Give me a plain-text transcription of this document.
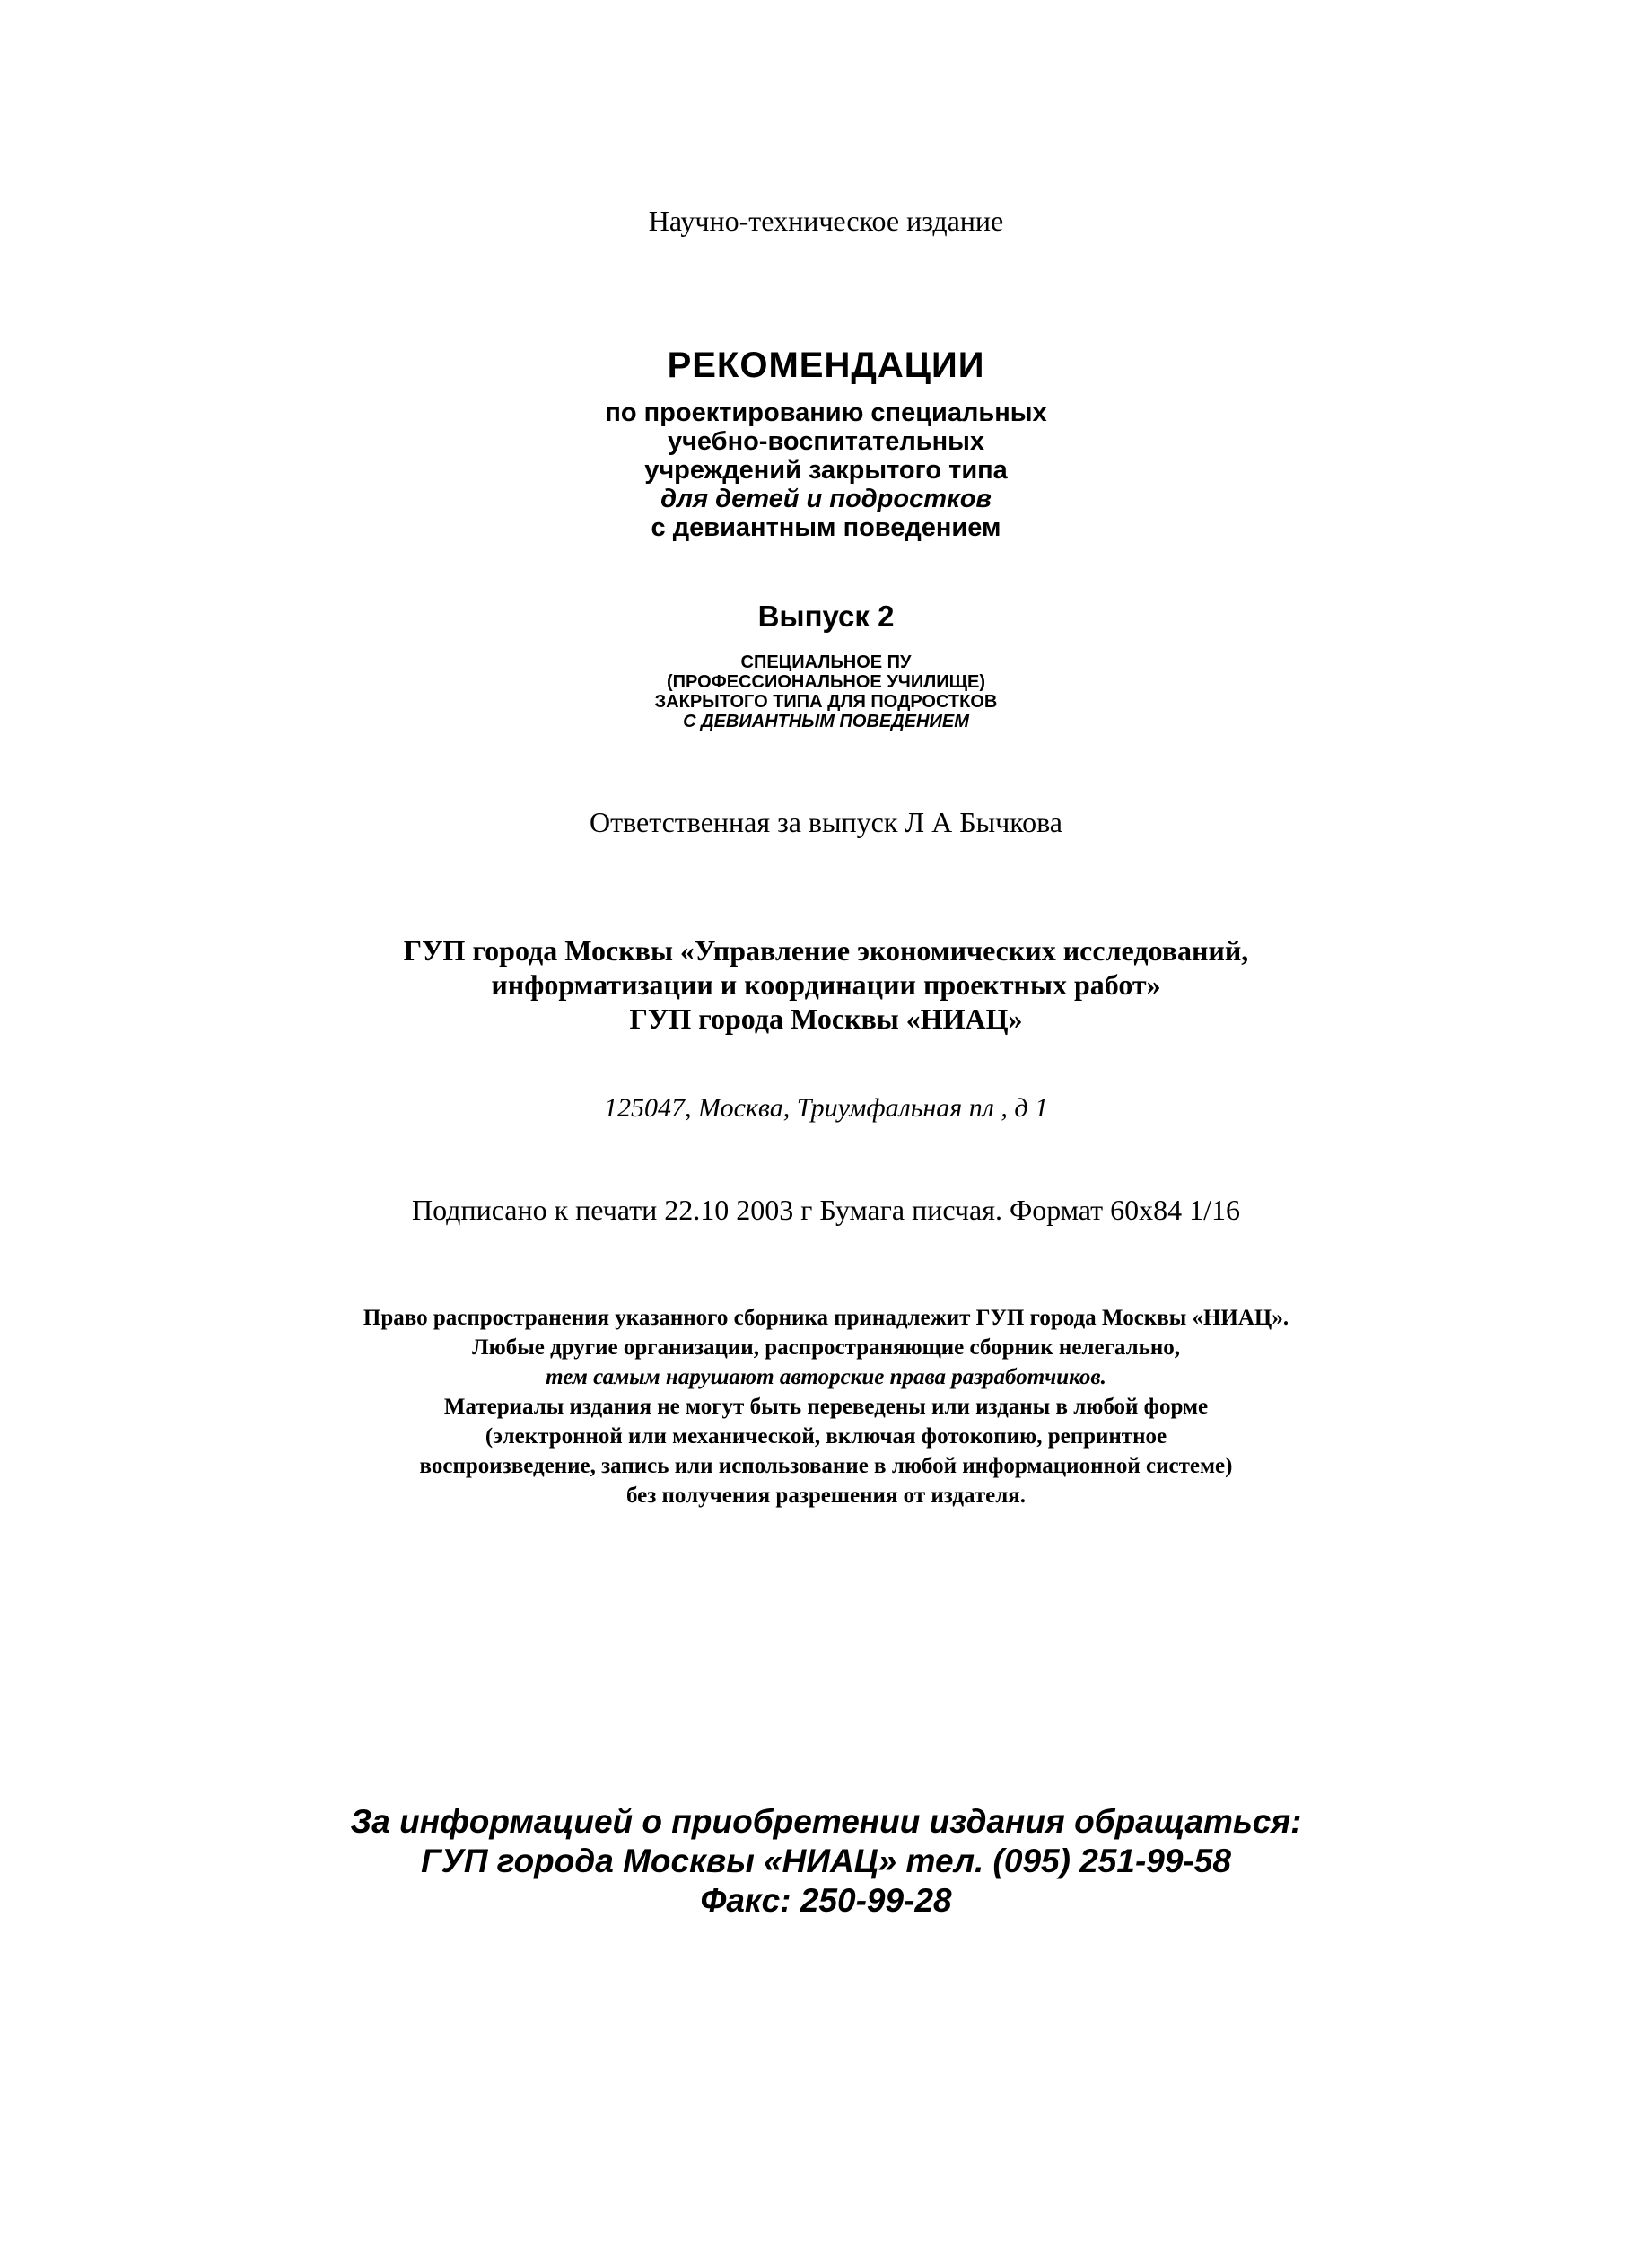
Научно-техническое издание

РЕКОМЕНДАЦИИ

по проектированию специальных

учебно-воспитательных

учреждений закрытого типа

для детей и подростков

с девиантным поведением

Выпуск 2

СПЕЦИАЛЬНОЕ ПУ

(ПРОФЕССИОНАЛЬНОЕ УЧИЛИЩЕ)

ЗАКРЫТОГО ТИПА ДЛЯ ПОДРОСТКОВ

С ДЕВИАНТНЫМ ПОВЕДЕНИЕМ

Ответственная за выпуск Л А Бычкова

ГУП города Москвы «Управление экономических исследований,

информатизации и координации проектных работ»

ГУП города Москвы «НИАЦ»

125047, Москва, Триумфальная пл , д 1

Подписано к печати 22.10 2003 г Бумага писчая. Формат 60x84 1/16

Право распространения указанного сборника принадлежит ГУП города Москвы «НИАЦ».

Любые другие организации, распространяющие сборник нелегально,

тем самым нарушают авторские права разработчиков.

Материалы издания не могут быть переведены или изданы в любой форме

(электронной или механической, включая фотокопию, репринтное

воспроизведение, запись или использование в любой информационной системе)

без получения разрешения от издателя.

За информацией о приобретении издания обращаться:

ГУП города Москвы «НИАЦ» тел. (095) 251-99-58

Факс: 250-99-28
